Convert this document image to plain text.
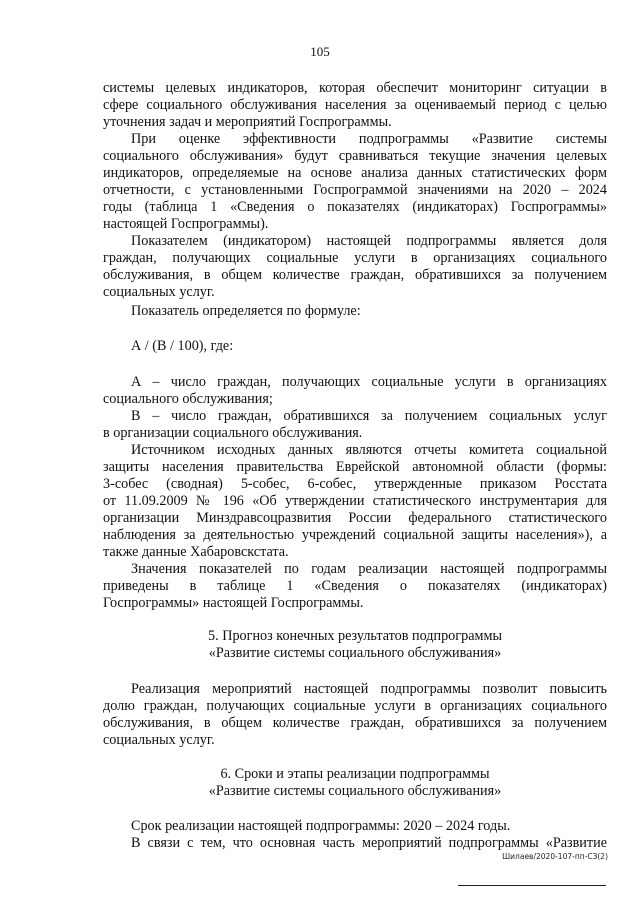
105
системы целевых индикаторов, которая обеспечит мониторинг ситуации в
сфере социального обслуживания населения за оцениваемый период с целью
уточнения задач и мероприятий Госпрограммы.
При оценке эффективности подпрограммы «Развитие системы
социального обслуживания» будут сравниваться текущие значения целевых
индикаторов, определяемые на основе анализа данных статистических форм
отчетности, с установленными Госпрограммой значениями на 2020 – 2024
годы (таблица 1 «Сведения о показателях (индикаторах) Госпрограммы»
настоящей Госпрограммы).
Показателем (индикатором) настоящей подпрограммы является доля
граждан, получающих социальные услуги в организациях социального
обслуживания, в общем количестве граждан, обратившихся за получением
социальных услуг.
Показатель определяется по формуле:
А / (В / 100), где:
А – число граждан, получающих социальные услуги в организациях
социального обслуживания;
В – число граждан, обратившихся за получением социальных услуг
в организации социального обслуживания.
Источником исходных данных являются отчеты комитета социальной
защиты населения правительства Еврейской автономной области (формы:
3-собес (сводная) 5-собес, 6-собес, утвержденные приказом Росстата
от 11.09.2009 № 196 «Об утверждении статистического инструментария для
организации Минздравсоцразвития России федерального статистического
наблюдения за деятельностью учреждений социальной защиты населения»), а
также данные Хабаровскстата.
Значения показателей по годам реализации настоящей подпрограммы
приведены в таблице 1 «Сведения о показателях (индикаторах)
Госпрограммы» настоящей Госпрограммы.
5. Прогноз конечных результатов подпрограммы
«Развитие системы социального обслуживания»
Реализация мероприятий настоящей подпрограммы позволит повысить
долю граждан, получающих социальные услуги в организациях социального
обслуживания, в общем количестве граждан, обратившихся за получением
социальных услуг.
6. Сроки и этапы реализации подпрограммы
«Развитие системы социального обслуживания»
Срок реализации настоящей подпрограммы: 2020 – 2024 годы.
В связи с тем, что основная часть мероприятий подпрограммы «Развитие
Шилаев/2020-107-пп-СЗ(2)
